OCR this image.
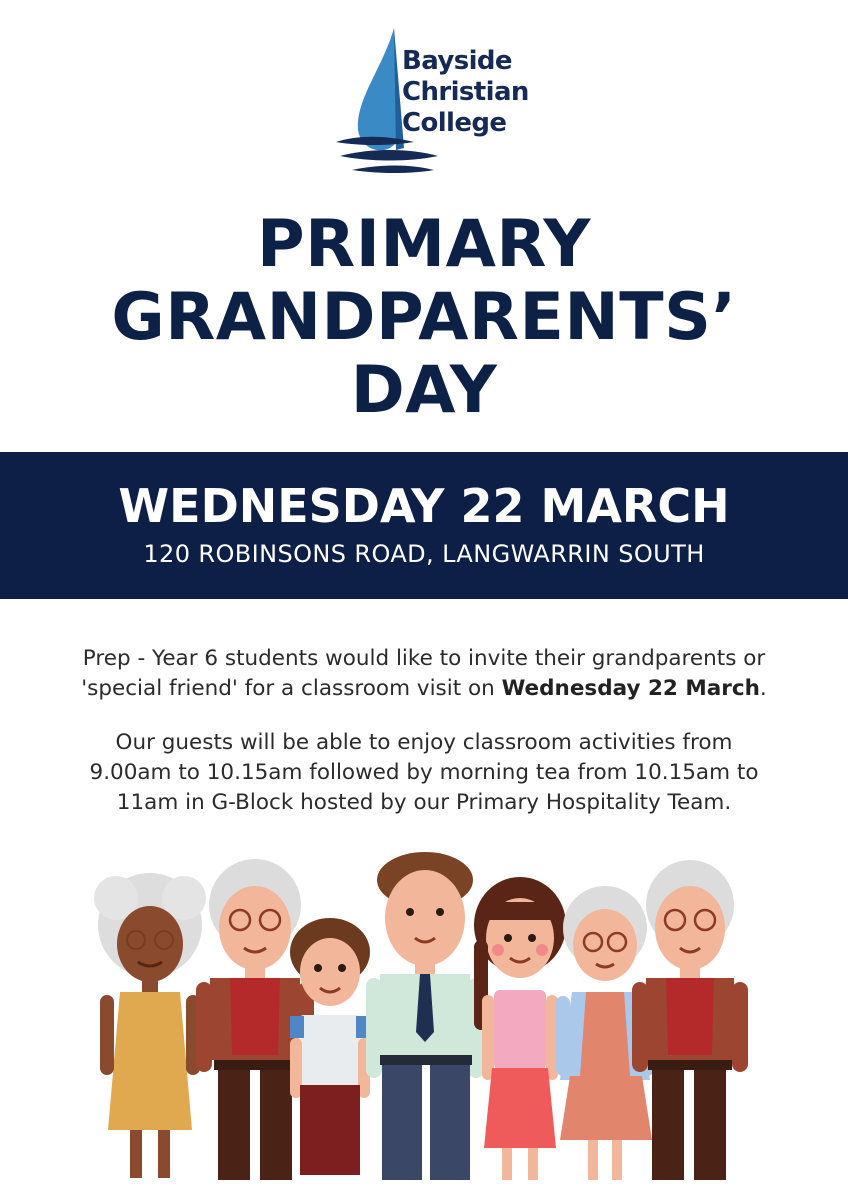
Bayside
Christian
College
PRIMARY
GRANDPARENTS’
DAY
WEDNESDAY 22 MARCH
120 ROBINSONS ROAD, LANGWARRIN SOUTH
Prep - Year 6 students would like to invite their grandparents or
'special friend' for a classroom visit on Wednesday 22 March.
Our guests will be able to enjoy classroom activities from
9.00am to 10.15am followed by morning tea from 10.15am to
11am in G-Block hosted by our Primary Hospitality Team.
